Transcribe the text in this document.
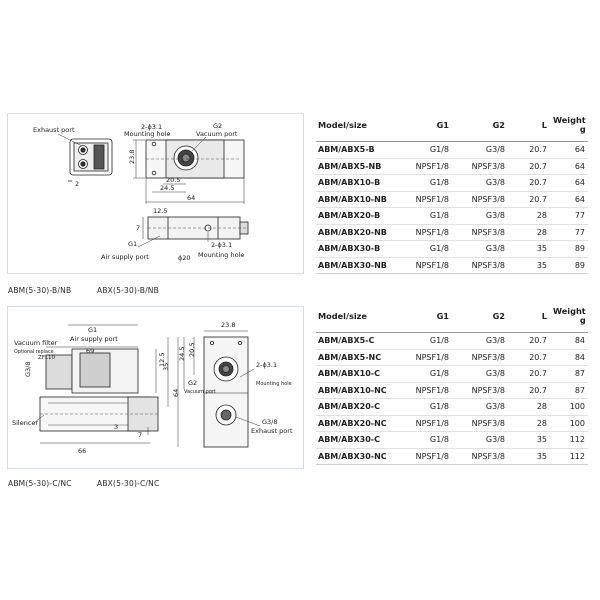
Exhaust port
2
2-ϕ3.1
Mounting hole
G2
Vacuum port
23.8
20.5
24.5
64
12.5
7
G1
Air supply port	ϕ20
2-ϕ3.1
Mounting hole
ABM(5-30)-B/NB	ABX(5-30)-B/NB
Model/size	G1	G2	L	Weight
g
ABM/ABX5-B	G1/8	G3/8	20.7	64
ABM/ABX5-NB	NPSF1/8	NPSF3/8	20.7	64
ABM/ABX10-B	G1/8	G3/8	20.7	64
ABM/ABX10-NB	NPSF1/8	NPSF3/8	20.7	64
ABM/ABX20-B	G1/8	G3/8	28	77
ABM/ABX20-NB	NPSF1/8	NPSF3/8	28	77
ABM/ABX30-B	G1/8	G3/8	35	89
ABM/ABX30-NB	NPSF1/8	NPSF3/8	35	89
G1
Air supply port
Vacuum filter
Optional replace	69
ZFL10
G3/8
Silencer
12.5
3
7
66
23.8
35
24.5 20.5
64
G2
Vacuum port
2-ϕ3.1
Mounting hole
G3/8
Exhaust port
ABM(5-30)-C/NC	ABX(5-30)-C/NC
Model/size	G1	G2	L	Weight
g
ABM/ABX5-C	G1/8	G3/8	20.7	84
ABM/ABX5-NC	NPSF1/8	NPSF3/8	20.7	84
ABM/ABX10-C	G1/8	G3/8	20.7	87
ABM/ABX10-NC	NPSF1/8	NPSF3/8	20.7	87
ABM/ABX20-C	G1/8	G3/8	28	100
ABM/ABX20-NC	NPSF1/8	NPSF3/8	28	100
ABM/ABX30-C	G1/8	G3/8	35	112
ABM/ABX30-NC	NPSF1/8	NPSF3/8	35	112
